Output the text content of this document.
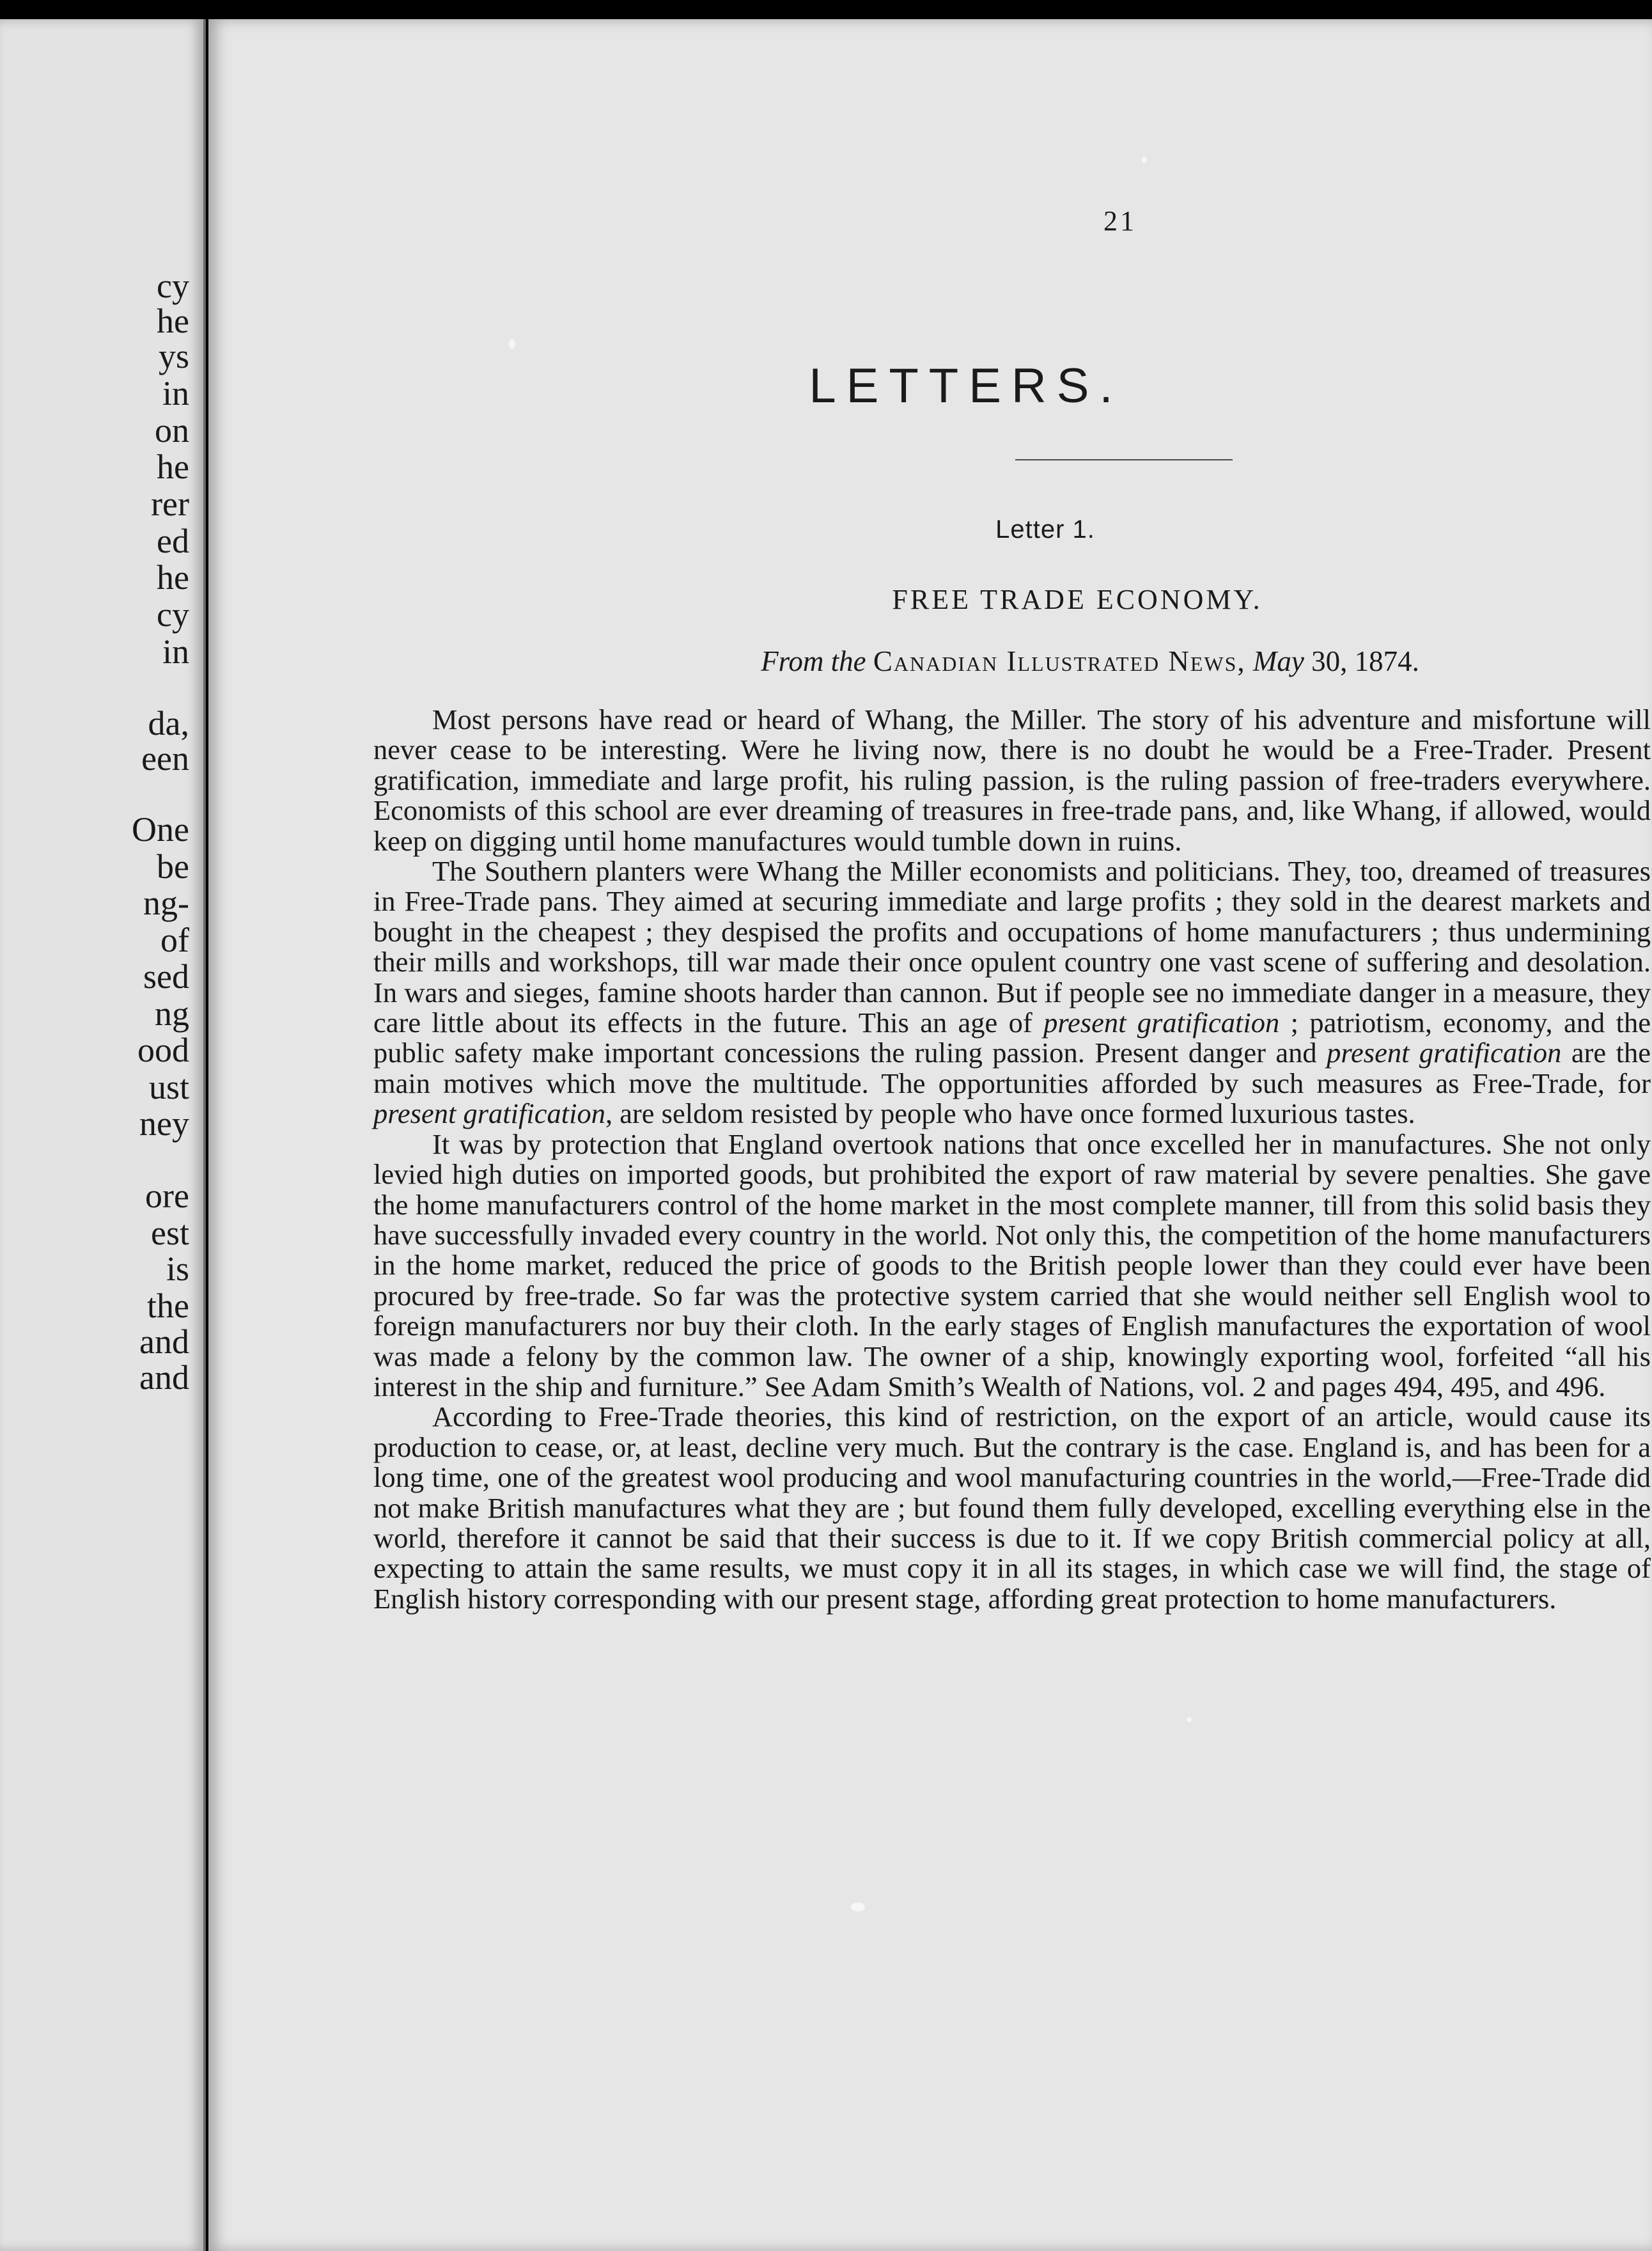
cy
he
ys
in
on
he
rer
ed
he
cy
in
da,
een
One
be
ng-
of
sed
ng
ood
ust
ney
ore
est
is
the
and
and
21
LETTERS.
Letter 1.
FREE TRADE ECONOMY.
From the Canadian Illustrated News, May 30, 1874.

Most persons have read or heard of Whang, the Miller. The story of his adventure and misfortune will never cease to be interesting. Were he living now, there is no doubt he would be a Free-Trader. Present gratification, immediate and large profit, his ruling passion, is the ruling passion of free-traders everywhere. Economists of this school are ever dreaming of treasures in free-trade pans, and, like Whang, if allowed, would keep on digging until home manufactures would tumble down in ruins.

The Southern planters were Whang the Miller economists and politicians. They, too, dreamed of treasures in Free-Trade pans. They aimed at securing immediate and large profits ; they sold in the dearest markets and bought in the cheapest ; they despised the profits and occupations of home manufacturers ; thus undermining their mills and workshops, till war made their once opulent country one vast scene of suffering and desolation. In wars and sieges, famine shoots harder than cannon. But if people see no immediate danger in a measure, they care little about its effects in the future. This an age of present gratification ; patriotism, economy, and the public safety make important concessions the ruling passion. Present danger and present gratification are the main motives which move the multitude. The opportunities afforded by such measures as Free-Trade, for present gratification, are seldom resisted by people who have once formed luxurious tastes.

It was by protection that England overtook nations that once excelled her in manufactures. She not only levied high duties on imported goods, but prohibited the export of raw material by severe penalties. She gave the home manufacturers control of the home market in the most complete manner, till from this solid basis they have successfully invaded every country in the world. Not only this, the competition of the home manufacturers in the home market, reduced the price of goods to the British people lower than they could ever have been procured by free-trade. So far was the protective system carried that she would neither sell English wool to foreign manufacturers nor buy their cloth. In the early stages of English manufactures the exportation of wool was made a felony by the common law. The owner of a ship, knowingly exporting wool, forfeited “all his interest in the ship and furniture.” See Adam Smith’s Wealth of Nations, vol. 2 and pages 494, 495, and 496.

According to Free-Trade theories, this kind of restriction, on the export of an article, would cause its production to cease, or, at least, decline very much. But the contrary is the case. England is, and has been for a long time, one of the greatest wool producing and wool manufacturing countries in the world,—Free-Trade did not make British manufactures what they are ; but found them fully developed, excelling everything else in the world, therefore it cannot be said that their success is due to it. If we copy British commercial policy at all, expecting to attain the same results, we must copy it in all its stages, in which case we will find, the stage of English history corresponding with our present stage, affording great protection to home manufacturers.
